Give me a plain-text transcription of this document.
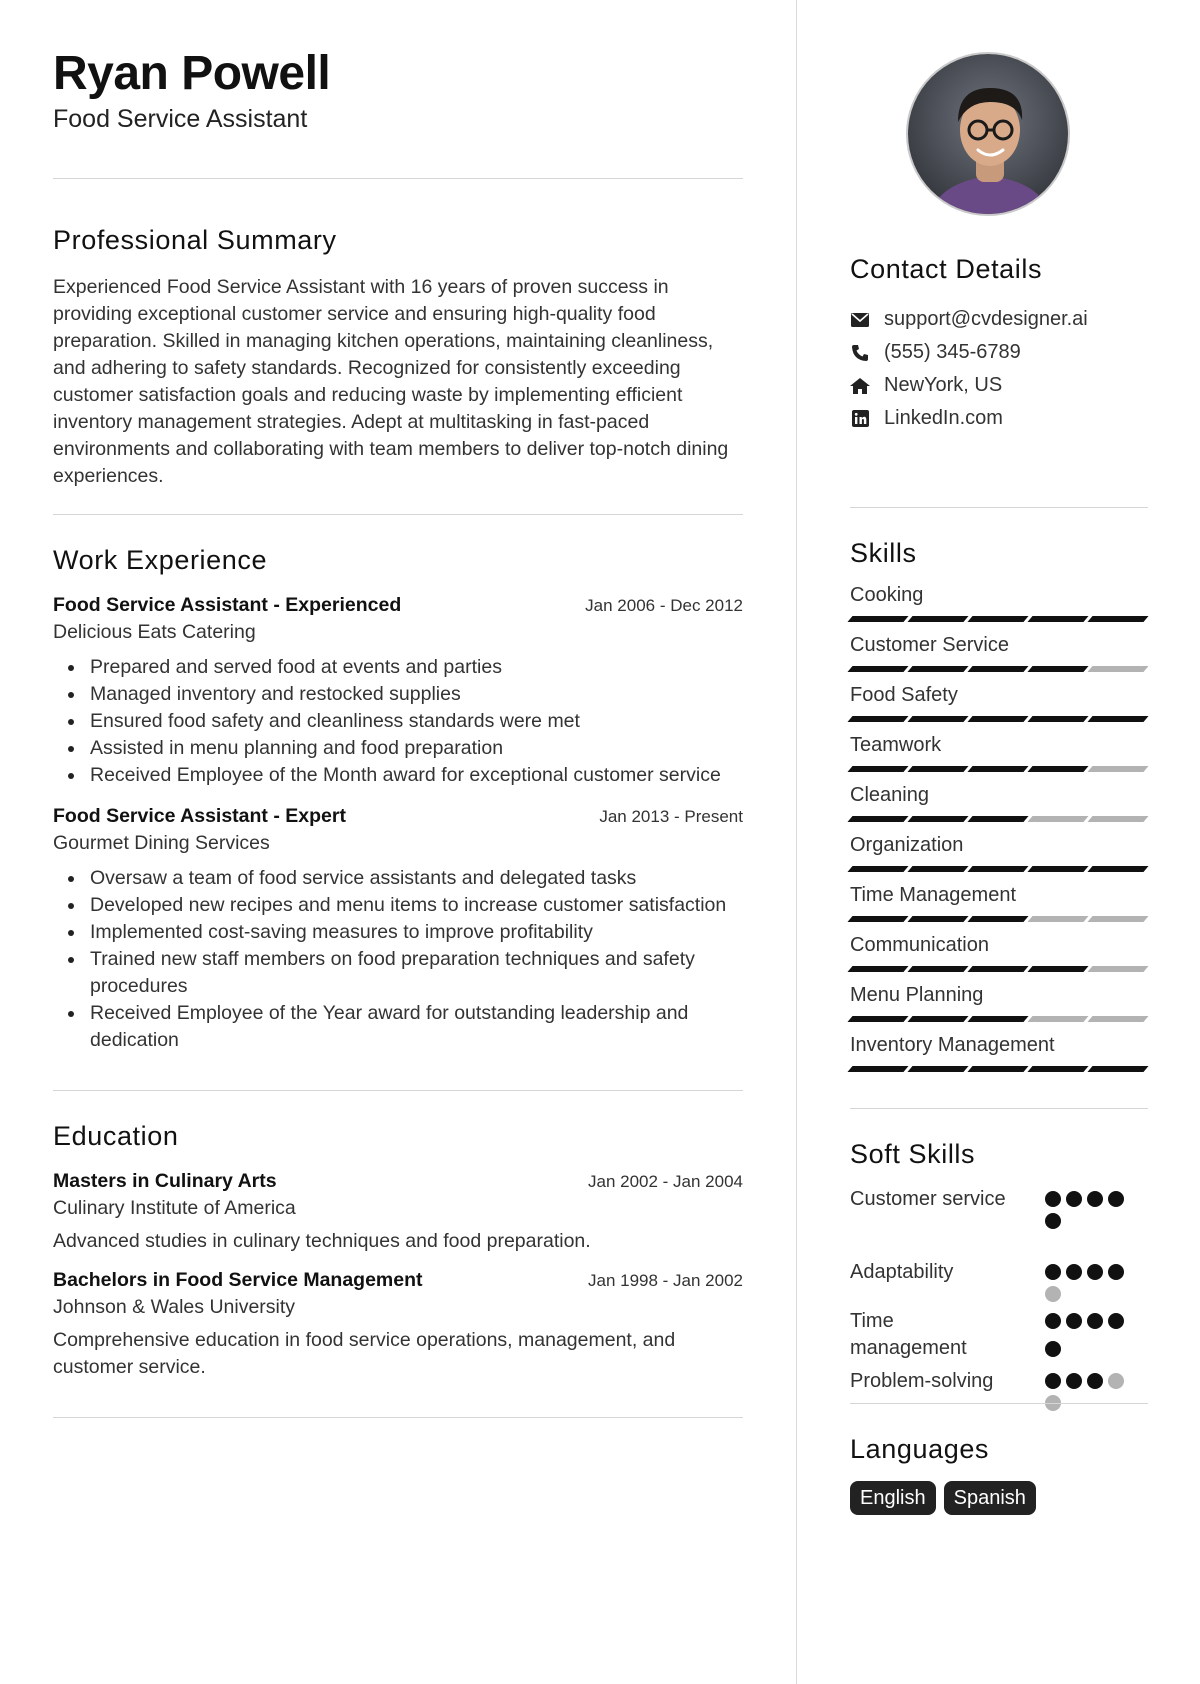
Ryan Powell
Food Service Assistant
Professional Summary
Experienced Food Service Assistant with 16 years of proven success in providing exceptional customer service and ensuring high-quality food preparation. Skilled in managing kitchen operations, maintaining cleanliness, and adhering to safety standards. Recognized for consistently exceeding customer satisfaction goals and reducing waste by implementing efficient inventory management strategies. Adept at multitasking in fast-paced environments and collaborating with team members to deliver top-notch dining experiences.
Work Experience
Food Service Assistant - Experienced	Jan 2006 - Dec 2012
Delicious Eats Catering
Prepared and served food at events and parties
Managed inventory and restocked supplies
Ensured food safety and cleanliness standards were met
Assisted in menu planning and food preparation
Received Employee of the Month award for exceptional customer service
Food Service Assistant - Expert	Jan 2013 - Present
Gourmet Dining Services
Oversaw a team of food service assistants and delegated tasks
Developed new recipes and menu items to increase customer satisfaction
Implemented cost-saving measures to improve profitability
Trained new staff members on food preparation techniques and safety procedures
Received Employee of the Year award for outstanding leadership and dedication
Education
Masters in Culinary Arts	Jan 2002 - Jan 2004
Culinary Institute of America
Advanced studies in culinary techniques and food preparation.
Bachelors in Food Service Management	Jan 1998 - Jan 2002
Johnson & Wales University
Comprehensive education in food service operations, management, and customer service.
Contact Details
support@cvdesigner.ai
(555) 345-6789
NewYork, US
LinkedIn.com
Skills
Cooking
Customer Service
Food Safety
Teamwork
Cleaning
Organization
Time Management
Communication
Menu Planning
Inventory Management
Soft Skills
Customer service
Adaptability
Time management
Problem-solving
Languages
English	Spanish
